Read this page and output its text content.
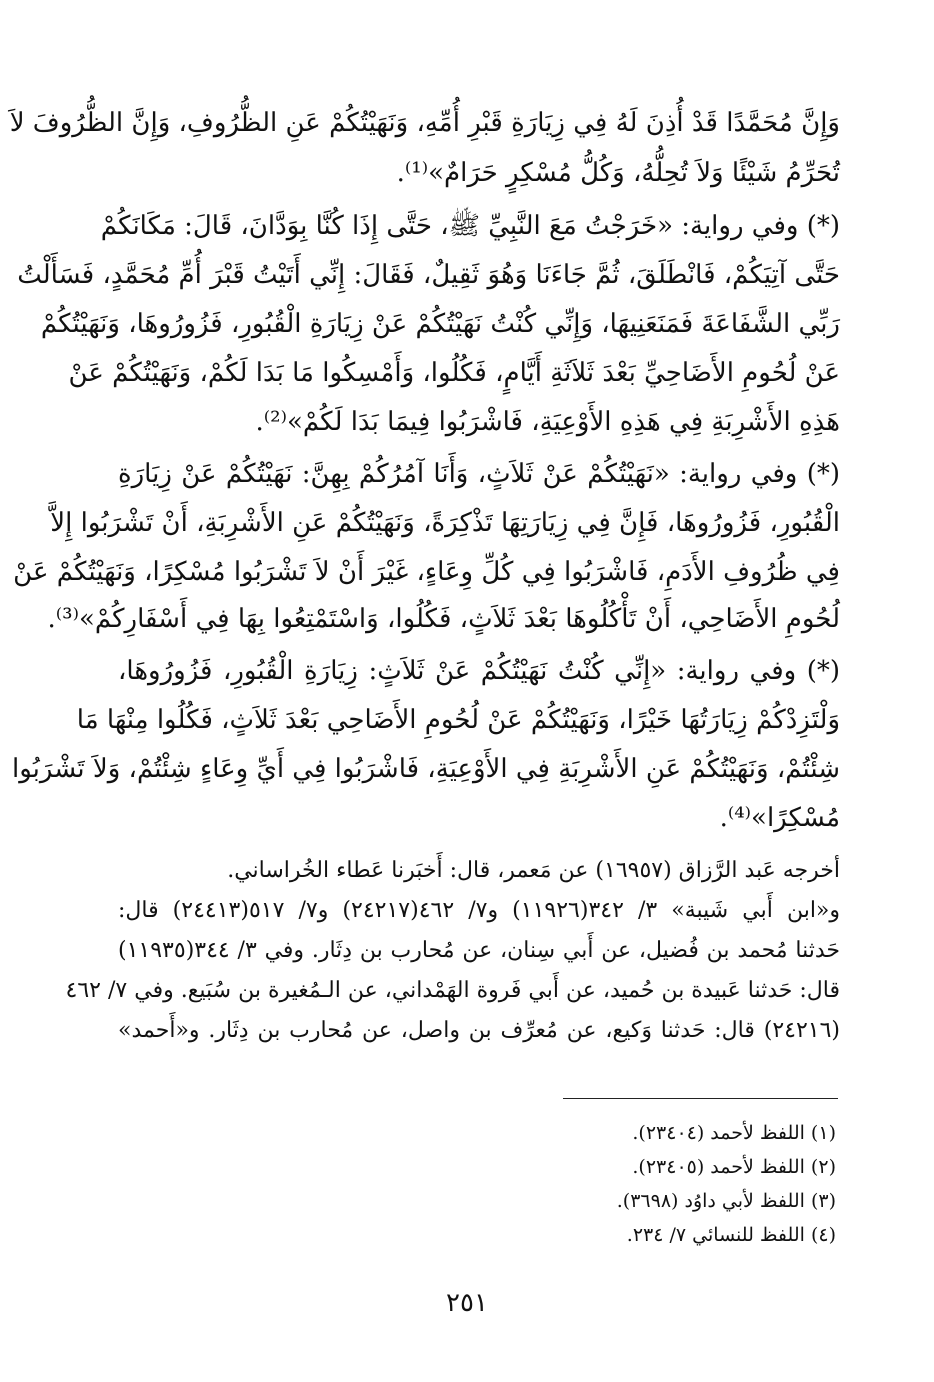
وَإِنَّ مُحَمَّدًا قَدْ أُذِنَ لَهُ فِي زِيَارَةِ قَبْرِ أُمِّهِ، وَنَهَيْتُكُمْ عَنِ الظُّرُوفِ، وَإِنَّ الظُّرُوفَ لاَ
تُحَرِّمُ شَيْئًا وَلاَ تُحِلُّهُ، وَكُلُّ مُسْكِرٍ حَرَامٌ»⁽¹⁾.
(*) وفي رواية: «خَرَجْتُ مَعَ النَّبِيِّ ﷺ، حَتَّى إِذَا كُنَّا بِوَدَّانَ، قَالَ: مَكَانَكُمْ
حَتَّى آتِيَكُمْ، فَانْطَلَقَ، ثُمَّ جَاءَنَا وَهُوَ ثَقِيلٌ، فَقَالَ: إِنِّي أَتَيْتُ قَبْرَ أُمِّ مُحَمَّدٍ، فَسَأَلْتُ
رَبِّي الشَّفَاعَةَ فَمَنَعَنِيهَا، وَإِنِّي كُنْتُ نَهَيْتُكُمْ عَنْ زِيَارَةِ الْقُبُورِ، فَزُورُوهَا، وَنَهَيْتُكُمْ
عَنْ لُحُومِ الأَضَاحِيِّ بَعْدَ ثَلاَثَةِ أَيَّامٍ، فَكُلُوا، وَأَمْسِكُوا مَا بَدَا لَكُمْ، وَنَهَيْتُكُمْ عَنْ
هَذِهِ الأَشْرِبَةِ فِي هَذِهِ الأَوْعِيَةِ، فَاشْرَبُوا فِيمَا بَدَا لَكُمْ»⁽²⁾.
(*) وفي رواية: «نَهَيْتُكُمْ عَنْ ثَلاَثٍ، وَأَنَا آمُرُكُمْ بِهِنَّ: نَهَيْتُكُمْ عَنْ زِيَارَةِ
الْقُبُورِ، فَزُورُوهَا، فَإِنَّ فِي زِيَارَتِهَا تَذْكِرَةً، وَنَهَيْتُكُمْ عَنِ الأَشْرِبَةِ، أَنْ تَشْرَبُوا إِلاَّ
فِي ظُرُوفِ الأَدَمِ، فَاشْرَبُوا فِي كُلِّ وِعَاءٍ، غَيْرَ أَنْ لاَ تَشْرَبُوا مُسْكِرًا، وَنَهَيْتُكُمْ عَنْ
لُحُومِ الأَضَاحِي، أَنْ تَأْكُلُوهَا بَعْدَ ثَلاَثٍ، فَكُلُوا، وَاسْتَمْتِعُوا بِهَا فِي أَسْفَارِكُمْ»⁽³⁾.
(*) وفي رواية: «إِنِّي كُنْتُ نَهَيْتُكُمْ عَنْ ثَلاَثٍ: زِيَارَةِ الْقُبُورِ، فَزُورُوهَا،
وَلْتَزِدْكُمْ زِيَارَتُهَا خَيْرًا، وَنَهَيْتُكُمْ عَنْ لُحُومِ الأَضَاحِي بَعْدَ ثَلاَثٍ، فَكُلُوا مِنْهَا مَا
شِئْتُمْ، وَنَهَيْتُكُمْ عَنِ الأَشْرِبَةِ فِي الأَوْعِيَةِ، فَاشْرَبُوا فِي أَيِّ وِعَاءٍ شِئْتُمْ، وَلاَ تَشْرَبُوا
مُسْكِرًا»⁽⁴⁾.
أخرجه عَبد الرَّزاق (١٦٩٥٧) عن مَعمر، قال: أَخبَرنا عَطاء الخُراساني.
و«ابن أَبي شَيبة» ٣/ ٣٤٢(١١٩٢٦) و٧/ ٤٦٢(٢٤٢١٧) و٧/ ٥١٧(٢٤٤١٣) قال:
حَدثنا مُحمد بن فُضيل، عن أَبي سِنان، عن مُحارب بن دِثَار. وفي ٣/ ٣٤٤(١١٩٣٥)
قال: حَدثنا عَبيدة بن حُميد، عن أَبي فَروة الهَمْداني، عن الـمُغيرة بن سُبَيع. وفي ٧/ ٤٦٢
(٢٤٢١٦) قال: حَدثنا وَكيع، عن مُعرِّف بن واصل، عن مُحارب بن دِثَار. و«أَحمد»
(١) اللفظ لأحمد (٢٣٤٠٤).
(٢) اللفظ لأحمد (٢٣٤٠٥).
(٣) اللفظ لأبي داوُد (٣٦٩٨).
(٤) اللفظ للنسائي ٧/ ٢٣٤.
٢٥١
